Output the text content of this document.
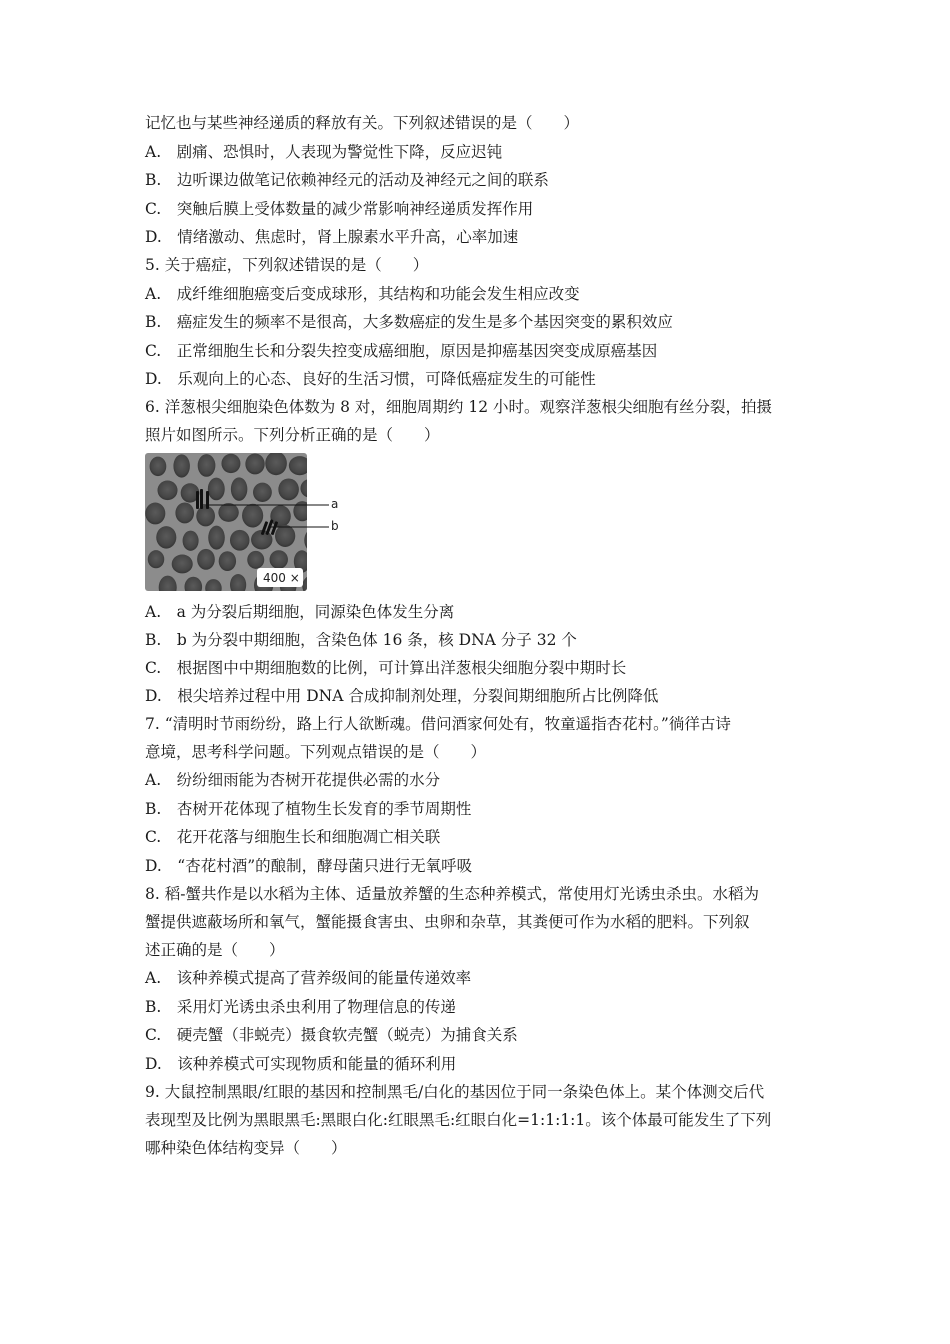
记忆也与某些神经递质的释放有关。下列叙述错误的是（　　）

A.　剧痛、恐惧时，人表现为警觉性下降，反应迟钝

B.　边听课边做笔记依赖神经元的活动及神经元之间的联系

C.　突触后膜上受体数量的减少常影响神经递质发挥作用

D.　情绪激动、焦虑时，肾上腺素水平升高，心率加速

5. 关于癌症，下列叙述错误的是（　　）

A.　成纤维细胞癌变后变成球形，其结构和功能会发生相应改变

B.　癌症发生的频率不是很高，大多数癌症的发生是多个基因突变的累积效应

C.　正常细胞生长和分裂失控变成癌细胞，原因是抑癌基因突变成原癌基因

D.　乐观向上的心态、良好的生活习惯，可降低癌症发生的可能性

6. 洋葱根尖细胞染色体数为 8 对，细胞周期约 12 小时。观察洋葱根尖细胞有丝分裂，拍摄

照片如图所示。下列分析正确的是（　　）

a
b
400 ×

A.　a 为分裂后期细胞，同源染色体发生分离

B.　b 为分裂中期细胞，含染色体 16 条，核 DNA 分子 32 个

C.　根据图中中期细胞数的比例，可计算出洋葱根尖细胞分裂中期时长

D.　根尖培养过程中用 DNA 合成抑制剂处理，分裂间期细胞所占比例降低

7. “清明时节雨纷纷，路上行人欲断魂。借问酒家何处有，牧童遥指杏花村。”徜徉古诗

意境，思考科学问题。下列观点错误的是（　　）

A.　纷纷细雨能为杏树开花提供必需的水分

B.　杏树开花体现了植物生长发育的季节周期性

C.　花开花落与细胞生长和细胞凋亡相关联

D.　“杏花村酒”的酿制，酵母菌只进行无氧呼吸

8. 稻-蟹共作是以水稻为主体、适量放养蟹的生态种养模式，常使用灯光诱虫杀虫。水稻为

蟹提供遮蔽场所和氧气，蟹能摄食害虫、虫卵和杂草，其粪便可作为水稻的肥料。下列叙

述正确的是（　　）

A.　该种养模式提高了营养级间的能量传递效率

B.　采用灯光诱虫杀虫利用了物理信息的传递

C.　硬壳蟹（非蜕壳）摄食软壳蟹（蜕壳）为捕食关系

D.　该种养模式可实现物质和能量的循环利用

9. 大鼠控制黑眼/红眼的基因和控制黑毛/白化的基因位于同一条染色体上。某个体测交后代

表现型及比例为黑眼黑毛:黑眼白化:红眼黑毛:红眼白化=1:1:1:1。该个体最可能发生了下列

哪种染色体结构变异（　　）
